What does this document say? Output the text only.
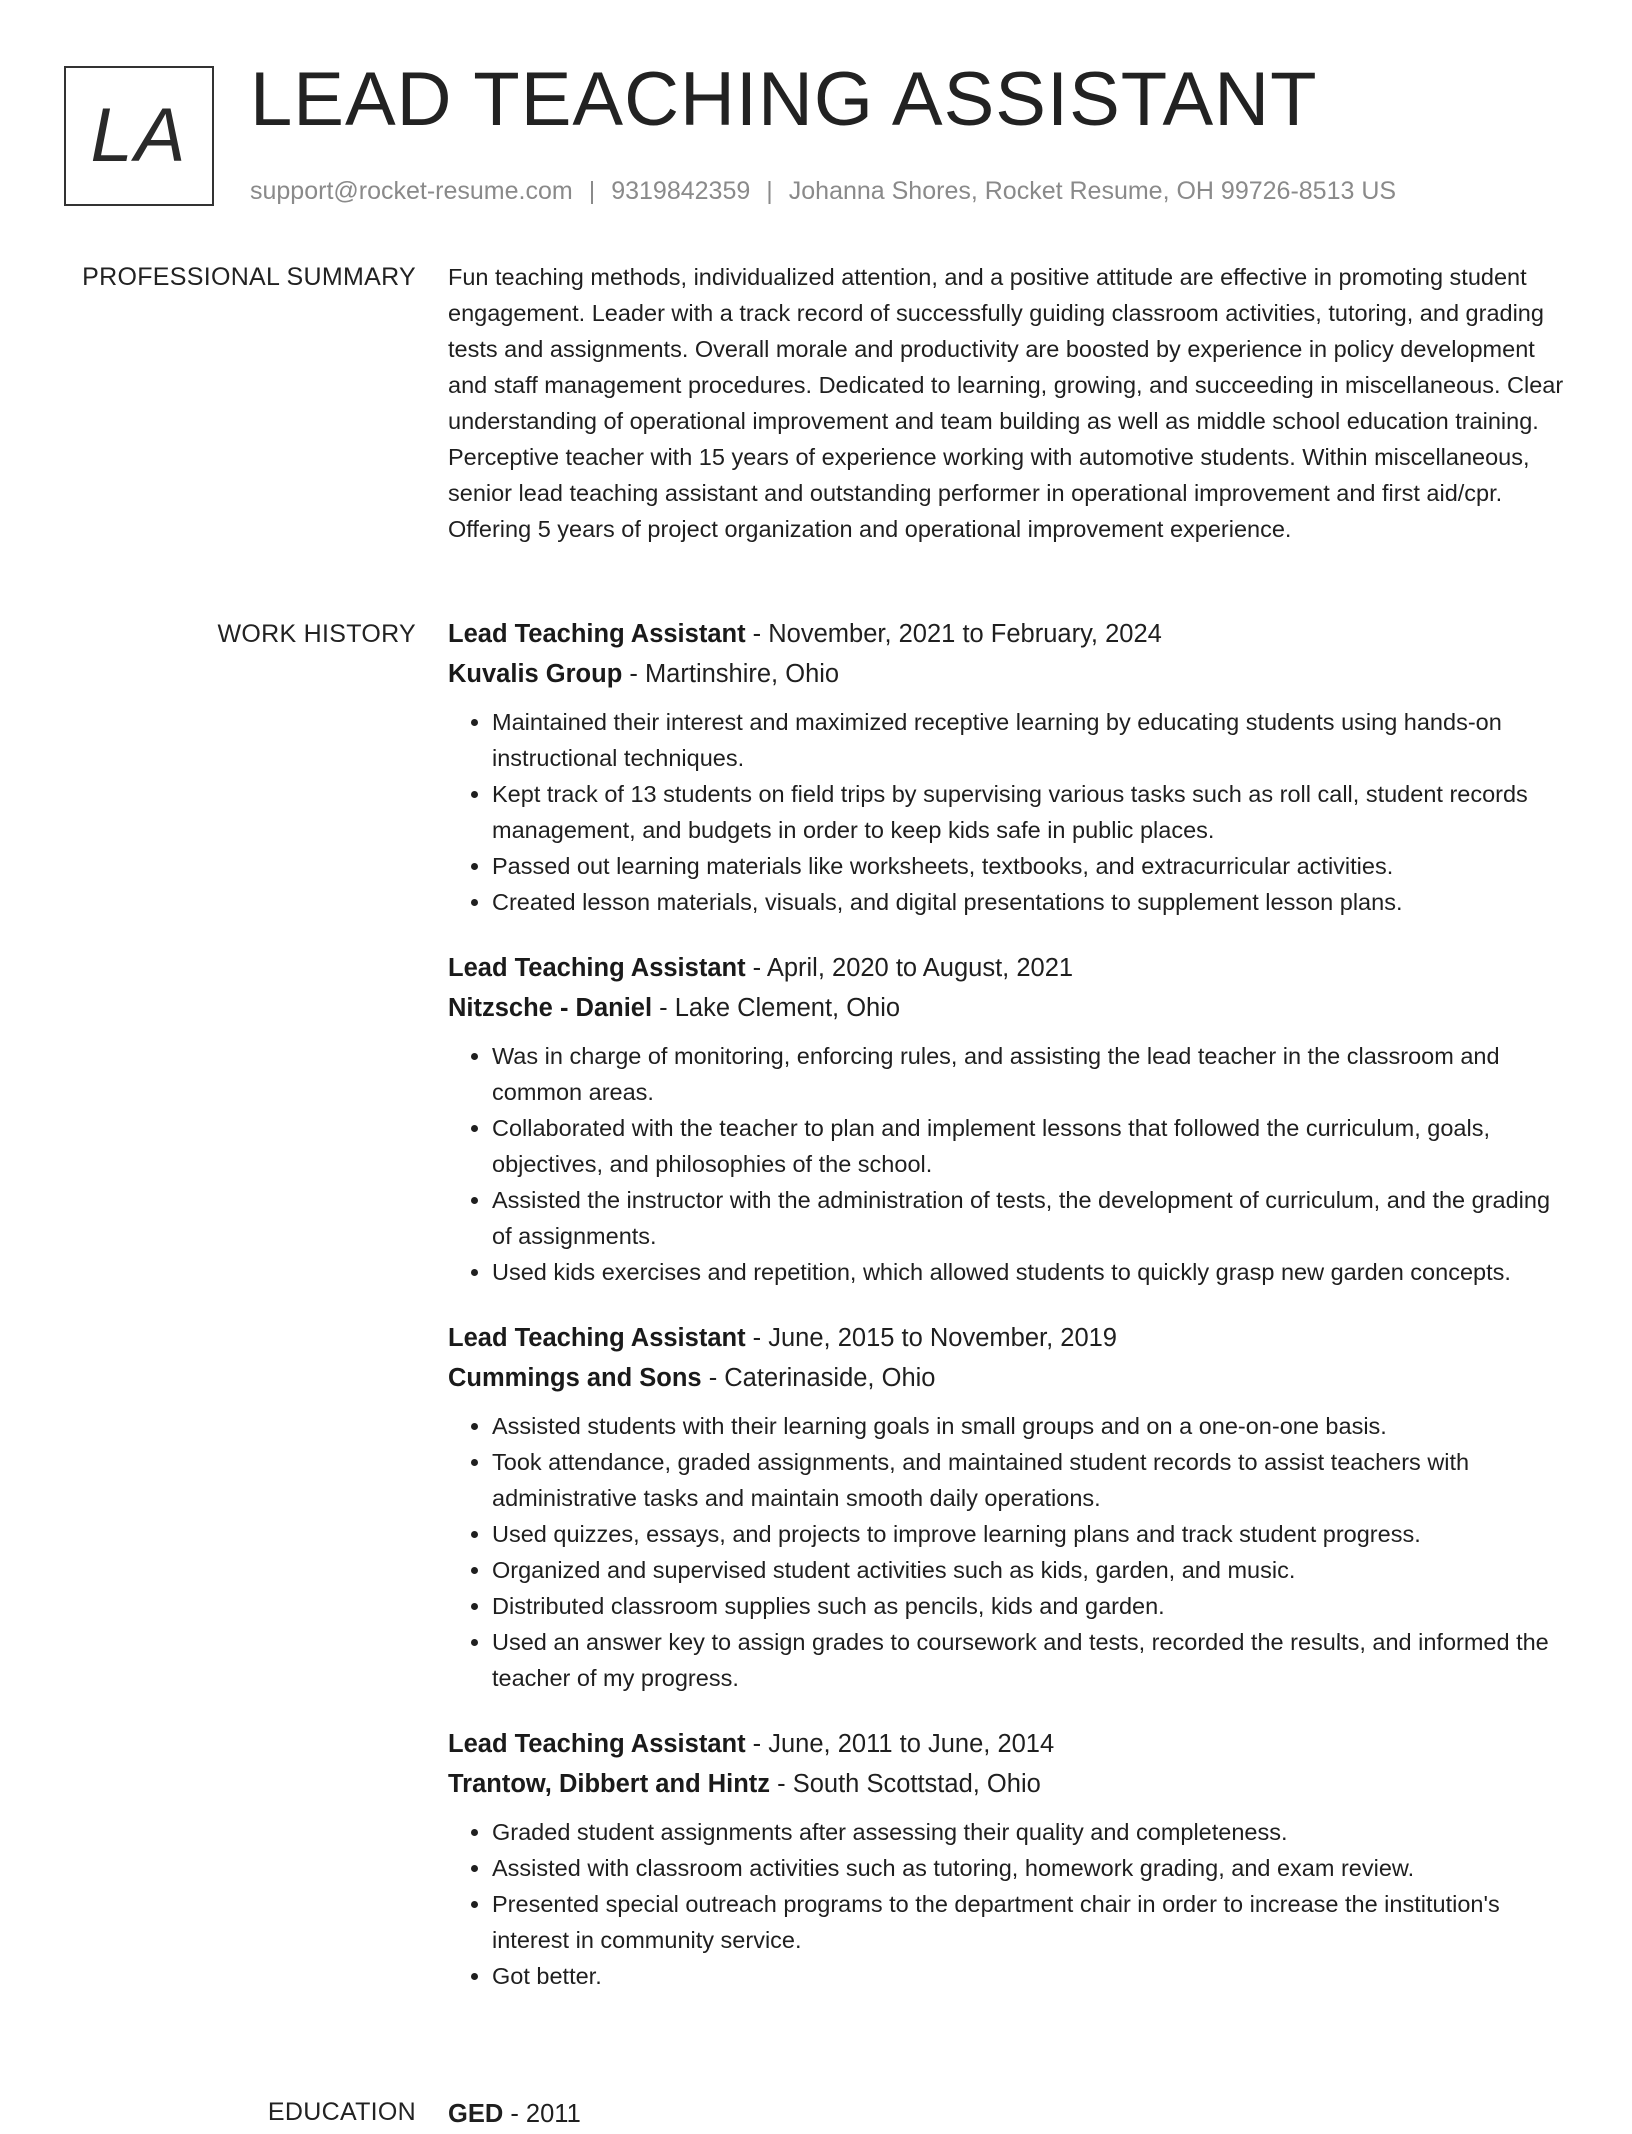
LA LEAD TEACHING ASSISTANT
support@rocket-resume.com | 9319842359 | Johanna Shores, Rocket Resume, OH 99726-8513 US
PROFESSIONAL SUMMARY Fun teaching methods, individualized attention, and a positive attitude are effective in promoting student engagement. Leader with a track record of successfully guiding classroom activities, tutoring, and grading tests and assignments. Overall morale and productivity are boosted by experience in policy development and staff management procedures. Dedicated to learning, growing, and succeeding in miscellaneous. Clear understanding of operational improvement and team building as well as middle school education training. Perceptive teacher with 15 years of experience working with automotive students. Within miscellaneous, senior lead teaching assistant and outstanding performer in operational improvement and first aid/cpr. Offering 5 years of project organization and operational improvement experience.

WORK HISTORY Lead Teaching Assistant - November, 2021 to February, 2024
Kuvalis Group - Martinshire, Ohio
• Maintained their interest and maximized receptive learning by educating students using hands-on instructional techniques.
• Kept track of 13 students on field trips by supervising various tasks such as roll call, student records management, and budgets in order to keep kids safe in public places.
• Passed out learning materials like worksheets, textbooks, and extracurricular activities.
• Created lesson materials, visuals, and digital presentations to supplement lesson plans.
Lead Teaching Assistant - April, 2020 to August, 2021
Nitzsche - Daniel - Lake Clement, Ohio
• Was in charge of monitoring, enforcing rules, and assisting the lead teacher in the classroom and common areas.
• Collaborated with the teacher to plan and implement lessons that followed the curriculum, goals, objectives, and philosophies of the school.
• Assisted the instructor with the administration of tests, the development of curriculum, and the grading of assignments.
• Used kids exercises and repetition, which allowed students to quickly grasp new garden concepts.
Lead Teaching Assistant - June, 2015 to November, 2019
Cummings and Sons - Caterinaside, Ohio
• Assisted students with their learning goals in small groups and on a one-on-one basis.
• Took attendance, graded assignments, and maintained student records to assist teachers with administrative tasks and maintain smooth daily operations.
• Used quizzes, essays, and projects to improve learning plans and track student progress.
• Organized and supervised student activities such as kids, garden, and music.
• Distributed classroom supplies such as pencils, kids and garden.
• Used an answer key to assign grades to coursework and tests, recorded the results, and informed the teacher of my progress.
Lead Teaching Assistant - June, 2011 to June, 2014
Trantow, Dibbert and Hintz - South Scottstad, Ohio
• Graded student assignments after assessing their quality and completeness.
• Assisted with classroom activities such as tutoring, homework grading, and exam review.
• Presented special outreach programs to the department chair in order to increase the institution's interest in community service.
• Got better.
EDUCATION GED - 2011
